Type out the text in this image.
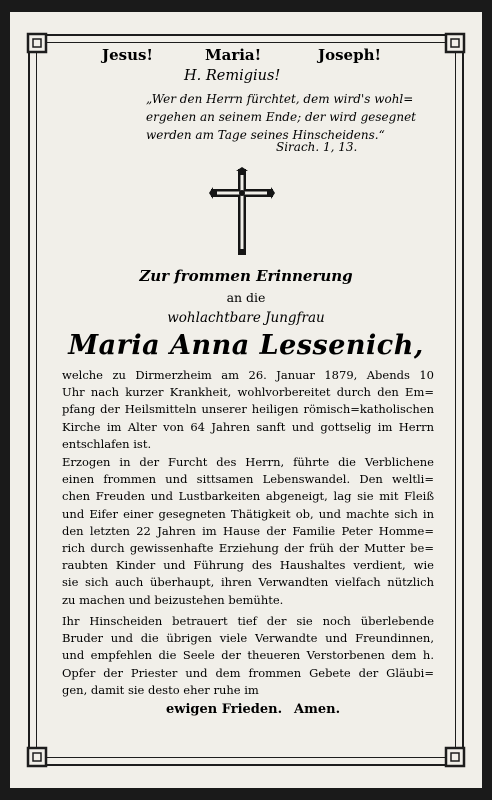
Jesus!	Maria!	Joseph!
H. Remigius!
„Wer den Herrn fürchtet, dem wird's wohl=
ergehen an seinem Ende; der wird gesegnet
werden am Tage seines Hinscheidens.“
Sirach. 1, 13.
Zur frommen Erinnerung
an die
wohlachtbare Jungfrau
Maria Anna Lessenich,
welche zu Dirmerzheim am 26. Januar 1879, Abends 10
Uhr nach kurzer Krankheit, wohlvorbereitet durch den Em=
pfang der Heilsmitteln unserer heiligen römisch=katholischen
Kirche im Alter von 64 Jahren sanft und gottselig im Herrn
entschlafen ist.
Erzogen in der Furcht des Herrn, führte die Verblichene
einen frommen und sittsamen Lebenswandel. Den weltli=
chen Freuden und Lustbarkeiten abgeneigt, lag sie mit Fleiß
und Eifer einer gesegneten Thätigkeit ob, und machte sich in
den letzten 22 Jahren im Hause der Familie Peter Homme=
rich durch gewissenhafte Erziehung der früh der Mutter be=
raubten Kinder und Führung des Haushaltes verdient, wie
sie sich auch überhaupt, ihren Verwandten vielfach nützlich
zu machen und beizustehen bemühte.
Ihr Hinscheiden betrauert tief der sie noch überlebende
Bruder und die übrigen viele Verwandte und Freundinnen,
und empfehlen die Seele der theueren Verstorbenen dem h.
Opfer der Priester und dem frommen Gebete der Gläubi=
gen, damit sie desto eher ruhe im
ewigen Frieden. Amen.
